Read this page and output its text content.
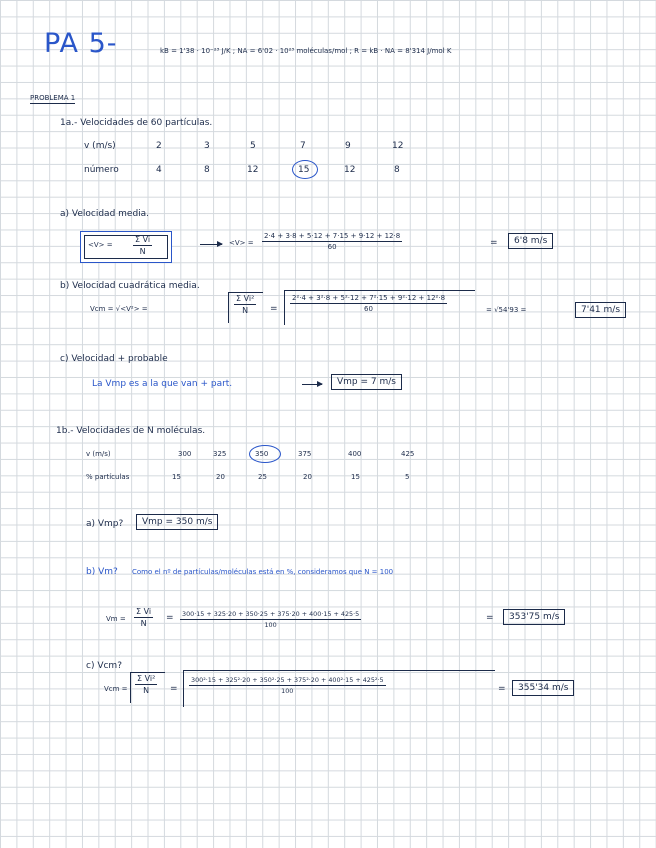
PA 5-	kB = 1'38 · 10⁻²³ J/K ; NA = 6'02 · 10²³ moléculas/mol ; R = kB · NA = 8'314 J/mol K
PROBLEMA 1
1a.- Velocidades de 60 partículas.
v (m/s)	2	3	5	7	9	12
número	4	8	12	15	12	8
a) Velocidad media.
<V> =	$\frac{\text{Σ Vi}}{N}$	$<V> = \frac{2\cdot 4 + 3\cdot 8 + 5\cdot 12 + 7\cdot 15 + 9\cdot 12 + 12\cdot 8}{60}$	=	6'8 m/s
b) Velocidad cuadrática media.
Vcm = √<V²> =	$\frac{\text{Σ Vi²}}{N} = \frac{\text{2²·4 + 3²·8 + 5²·12 + 7²·15 + 9²·12 + 12²·8}}{60}$	= √54'93 =	7'41 m/s
c) Velocidad + probable
La Vmp es a la que van + part.	Vmp = 7 m/s
1b.- Velocidades de N moléculas.
v (m/s)	300	325	350	375	400	425
% partículas	15	20	25	20	15	5
a) Vmp?	Vmp = 350 m/s
b) Vm? Como el nº de partículas/moléculas está en %, consideramos que N = 100
$Vm = \frac{\text{Σ Vi}}{N} = \frac{300\cdot 15 + 325\cdot 20 + 350\cdot 25 + 375\cdot 20 + 400\cdot 15 + 425\cdot 5}{100}$	=	353'75 m/s
c) Vcm?
Vcm = $\frac{\text{Σ Vi²}}{N} = \frac{\text{300²·15 + 325²·20 + 350²·25 + 375²·20 + 400²·15 + 425²·5}}{100}$	=	355'34 m/s
